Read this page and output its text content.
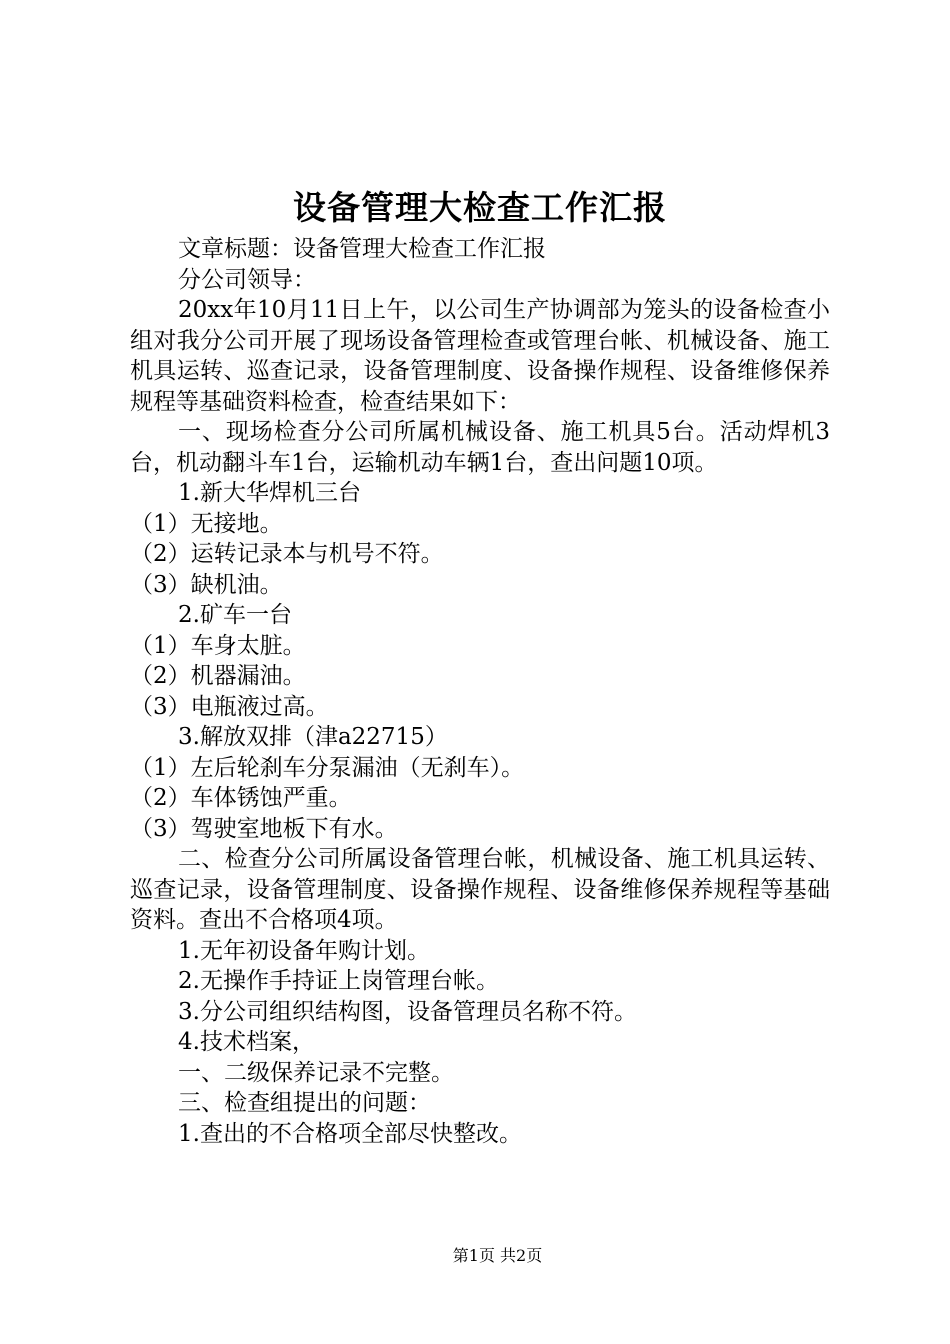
设备管理大检查工作汇报

文章标题：设备管理大检查工作汇报

分公司领导：

20xx年10月11日上午，以公司生产协调部为笼头的设备检查小组对我分公司开展了现场设备管理检查或管理台帐、机械设备、施工机具运转、巡查记录，设备管理制度、设备操作规程、设备维修保养规程等基础资料检查，检查结果如下：

一、现场检查分公司所属机械设备、施工机具5台。活动焊机3台，机动翻斗车1台，运输机动车辆1台，查出问题10项。

1.新大华焊机三台

（1）无接地。

（2）运转记录本与机号不符。

（3）缺机油。

2.矿车一台

（1）车身太脏。

（2）机器漏油。

（3）电瓶液过高。

3.解放双排（津a22715）

（1）左后轮刹车分泵漏油（无刹车）。

（2）车体锈蚀严重。

（3）驾驶室地板下有水。

二、检查分公司所属设备管理台帐，机械设备、施工机具运转、巡查记录，设备管理制度、设备操作规程、设备维修保养规程等基础资料。查出不合格项4项。

1.无年初设备年购计划。

2.无操作手持证上岗管理台帐。

3.分公司组织结构图，设备管理员名称不符。

4.技术档案，

一、二级保养记录不完整。

三、检查组提出的问题：

1.查出的不合格项全部尽快整改。

第1页 共2页
